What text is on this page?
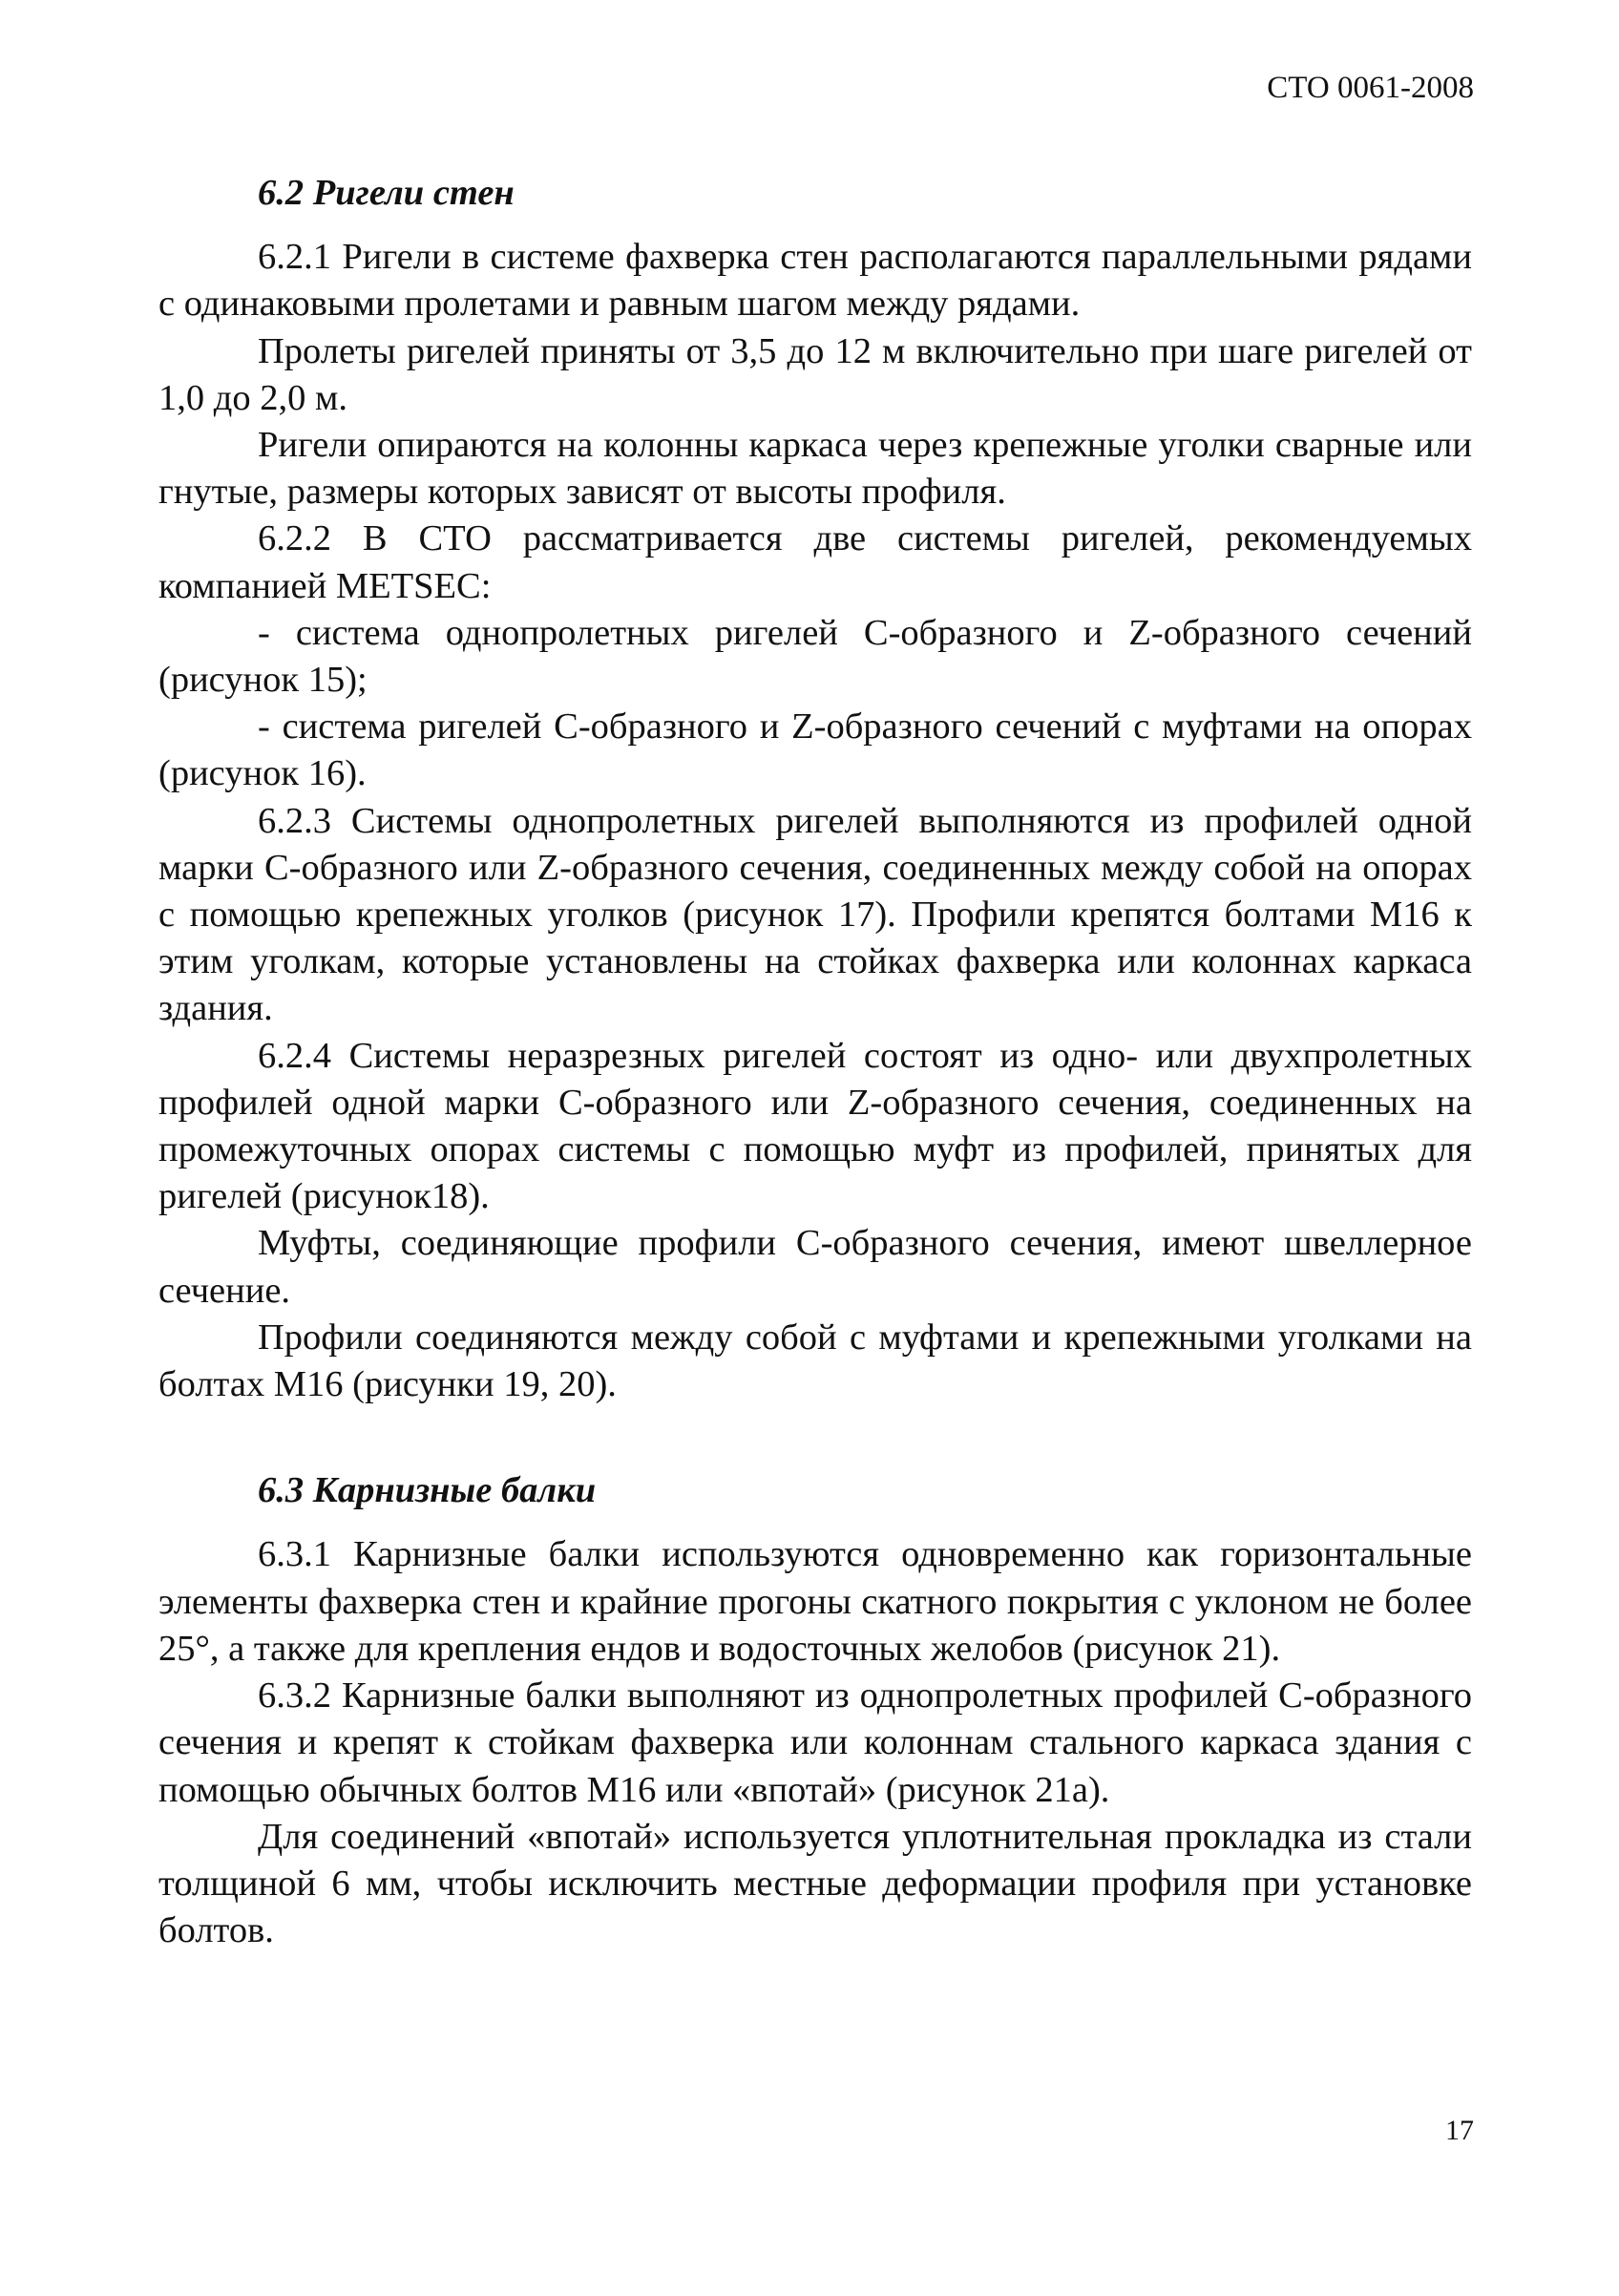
СТО 0061-2008
6.2 Ригели стен

6.2.1 Ригели в системе фахверка стен располагаются параллельными рядами с одинаковыми пролетами и равным шагом между рядами.

Пролеты ригелей приняты от 3,5 до 12 м включительно при шаге ригелей от 1,0 до 2,0 м.

Ригели опираются на колонны каркаса через крепежные уголки сварные или гнутые, размеры которых зависят от высоты профиля.

6.2.2 В СТО рассматривается две системы ригелей, рекомендуемых компанией METSEC:

- система однопролетных ригелей С-образного и Z-образного сечений (рисунок 15);

- система ригелей С-образного и Z-образного сечений с муфтами на опорах (рисунок 16).

6.2.3 Системы однопролетных ригелей выполняются из профилей одной марки С-образного или Z-образного сечения, соединенных между собой на опорах с помощью крепежных уголков (рисунок 17). Профили крепятся болтами М16 к этим уголкам, которые установлены на стойках фахверка или колоннах каркаса здания.

6.2.4 Системы неразрезных ригелей состоят из одно- или двухпролетных профилей одной марки С-образного или Z-образного сечения, соединенных на промежуточных опорах системы с помощью муфт из профилей, принятых для ригелей (рисунок18).

Муфты, соединяющие профили С-образного сечения, имеют швеллерное сечение.

Профили соединяются между собой с муфтами и крепежными уголками на болтах М16 (рисунки 19, 20).

6.3 Карнизные балки

6.3.1 Карнизные балки используются одновременно как горизонтальные элементы фахверка стен и крайние прогоны скатного покрытия с уклоном не более 25°, а также для крепления ендов и водосточных желобов (рисунок 21).

6.3.2 Карнизные балки выполняют из однопролетных профилей С-образного сечения и крепят к стойкам фахверка или колоннам стального каркаса здания с помощью обычных болтов М16 или «впотай» (рисунок 21а).

Для соединений «впотай» используется уплотнительная прокладка из стали толщиной 6 мм, чтобы исключить местные деформации профиля при установке болтов.

17
